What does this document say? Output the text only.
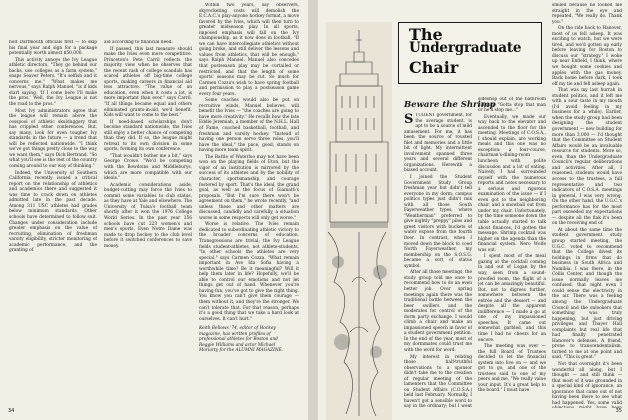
holt Dartmouth officials first — to skip his final year and sign for a package potentially worth almost $50,000.

This activity annoys the Ivy League athletic directors. "They go behind our backs, use colleges as a farm system," snaps Seaver Peters. "It's selfish and it concerns me." "What makes me nervous," says Ralph Manuel, "is if kids start saying, 'If I come here I'll make the pros.' Well, the Ivy League is not the road to the pros."

Most Ivy administrators agree that the league will remain above the cesspool of athletic skulduggery that has crippled other conferences. But, say many, look for even tougher Ivy standards in the future — a trend that will be reflected nationwide. "I think we've got things pretty close to the way we want them," says Dick Bertrand. "So what you'll see is the rest of the country coming around to our way of thinking."

Indeed, the University of Southern California recently issued a critical report on the relationship of athletics and academics there and suggested it was time to crack down on athletes admitted late in the past decade. Among 311 USC athletes had grades below minimum standards. Other schools have determined to follow suit. Changes under consideration include greater emphasis on the value of recruiting, elimination of freshman varsity eligibility, stricter monitoring of academic performance, and the granting of

aid according to financial need.

If passed, this last measure should make the Ivies even more competitive. Princeton's Pete Carril reflects the majority view when he observes that the recent rash of college scandals has scared athletes off big-time college sports, making careers in financial aid less attractive. "The value of an education, even when it costs a lot, is more important than ever," says Carril. "If all things became equal and others eliminated grants-in-aid, we'd benefit. Kids will want to come to the best."

If need-based scholarships don't become standard nationwide, the Ivies still enjoy a better chance of competing than they did. If so, the league might retreat to its own division in some sports, forming its own conference.

"That wouldn't bother me a bit," says George Crowe. "We'd be competing with the Bowdoins and Middleburys, which are more compatible with our ideals."

Academic considerations aside, budget-cutting may force the Ivies to commit some variables to club status, as they have at Yale and elsewhere. The University of Tulsa's football team shortly after it won the 1976 College World Series. In the past year 356 schools have cut 223 women's and men's sports. Even Notre Dame was made to drop hockey to the club level before it switched conferences to save money.

Within two years, say observers, skyrocketing costs will demolish the E.C.A.C.'s play-anyone hockey format, a move favored by the Ivies, which will then turn to greater midseason play. In all sports, imposed emphasis will fall on the Ivy championship, as it now does in football. "If we can have intercollegiate athletics without going broke, and still deliver the lessons and values from athletics, that will be enough," says Ralph Manuel. Manuel also concedes that postseason play may be curtailed or restricted, and that the length of some sports' seasons may be cut. So much for Carmen Cozza's wish to have spring football and permission to play a postseason game every four years.

Some coaches would also be put on recruitive winds, Manuel believes, will benefit the Ivies — "the coaches are going to have more creativity." He recalls how the late Eddie Jeremiah, a member of the N.H.L. Hall of Fame, coached basketball, football, and freshman and varsity hockey. "Instead of having one person serve three roles, you'll have the ideal," the pace, good, stands on having more team spirit.

The Battle of Waterloo may not have been won on the playing fields of Eton, but the vigor of an institution is mirrored by the success of its athletes and by the nobility of character, sportsmanship, and courage fostered by sport. That's the ideal, the grand goal, as well as the focus of Giamatti's proposals. "But I'm sure there won't be agreement on them," he wrote recently, "and unless these and other matters are discussed, candidly and carefully, a situation worse in some respects will only get worse."

Worse is relative. The Ivies remain dedicated to subordinating athletic victory to the broader concerns of education. Transgressions are trivial; the Ivy League fields student-athletes, not athlete-students. "In other schools the athletes are very special," says Carmen Cozza. "What remain important in Ave Ida Sofia having a worthwhile time? Be it meaningful? Will it help them later in life? Hopefully, we'll be able to control our emotions and not let things get out of hand. Whenever you're having fun, you've got to give the right thing. You know you can't give them courage — them without it, and they're the stronger. We can't tolerate that. For that reason, perhaps it's a good thing that we take a hard look at ourselves. It can't hurt."

Keith Bellows '74, editor of Hockey
magazine, has written profiles of
professional athletes for Boston and
Reggie Williams and actor Michael
Moriarty for the ALUMNI MAGAZINE.
34
The
Undergraduate
Chair
Beware the Shrimp

STUDENT government, for the average student, is apt to be a source of mild amusement. For me, it has been the source of rousted filet and memories and a little bit of light. My intermittent involvement spanned three years and several different organizations. Herewith a biased account.

I joined the Student Government Study Group freshman year but didn't tell everyone in my dorm; campus politics types just didn't mix with all those South Fayerweather types, where "Weatherman" preferred to give nightly "preppy" piles and greet visitors with buckets of water expose from the fourth floor. In contrast, when I moved down the block to coed North Fayerweather, my membership on the S.O.S.G. became a sort of status symbol.

After all those meetings, the study group told me once to recommend how to do an even better job. Over spring meetings again there was the traditional battle between the beer swillers and the moderates for control of the dorm party exchange. I would climb a chair and make an impassioned speech in favor of a student government petition. In the end of the year, most of my dormmates could trust me with the word for word.

My interest in relating those half-truthful observations to a sponsor didn't take me to the creation of regular meeting of the lamenters that the Committee on Student Affairs (C.O.S.A.) held last February. Normally, I haven't got a sensible word to say in the ordinary; but I went

sideshop out of the bathroom singing, "Gotta stop that man or he'll stop me..."

Eventually, we made our way back to the elevator and ascended to the floor for the meeting. Meetings of C.O.S.A., I should explain, are working meals and this one was no exception: a four-course, chairman's-dining-room luncheon with polite discussion and a lot of eating. Naively, I had surrounded myself with the numerous reports and notes necessary to a serious and rigorous examination of the issue — if I even got to the neighboring chair, and a snowball out from under my chair. Unfortunately, by the time someone down the table actually started to talk about finances, I'd gotten the message. Shrimp cocktail was higher on the agenda than the financial system. Nero Wolfe was out.

I spent most of the meal gazing at the cocktail coming in and out of Logan by the way, seen from a sound-proofed room, the flight of a jet can be amazingly beautiful. But, not to digress further, somewhere between the entrée and the dessert — and despite all the apparent indifference — I made a go at one of my impassioned speeches. It came out somewhat garbled, and this time I had no cheers for an encore.

The meeting was over — the full Board of Trustees decided to let the financial system into live on — and we got to go, and one of the trustees said to one of my peers and me, "We really value your input. It's a great help to the board." I must have

smiled because he looked me straight in the eye and repeated, "We really do. Thank you."

On the ride back to Hanover, most of us fell asleep. It was exciting to watch, but we were tired, and we'd gotten up early before leaving for Boston to discuss our "strategy." I woke up near Enfield, I think, where we bought some cookies and apples with the gas money. Back home before dark, I took off my tie and fell asleep again.

That was my last hurrah in student politics, and it left me with a sour taste in my mouth (I'd avoid feeling in my business for a while). Earlier, when the study group had been designing the student government — new building for more than 3,000 — I'd thought that the Committee on Student Affairs would be an invaluable resource for students. More so, even, than the Undergraduate Council's regular deliberations and activities. After all, I reasoned, students would have access to the trustees, a full representative and two indicators of C.O.S.A. meetings in general, I was very wrong. On the other hand, the U.G.C.'s performance has for the most part exceeded my expectations — despite all the flak it's been on the receiving end of.

At about the same time the student government study group started meeting, the U.G.C. voted to recommend that the College divest its holdings in firms that do business in South Africa and Namibia. I was there, in the Collis Center, and though the issue normally leaves me confused, that night even I could sense the electricity in the air. There was a feeling among the Undergraduate Council and the onlookers that something was truly happening, but just driving privileges and Thayer Hall complaints but real life that had finally penetrated Hanover's defenses. A friend, prone to transcendentalism, turned to me at one point and said, "This is great."

Not that overnight it's been wonderful all along, but I thought — and still think — that most of it was grounded in a special kind of ignorance, an ignorance that came out of not having been there to see what had happened. Yes, some valid

35
